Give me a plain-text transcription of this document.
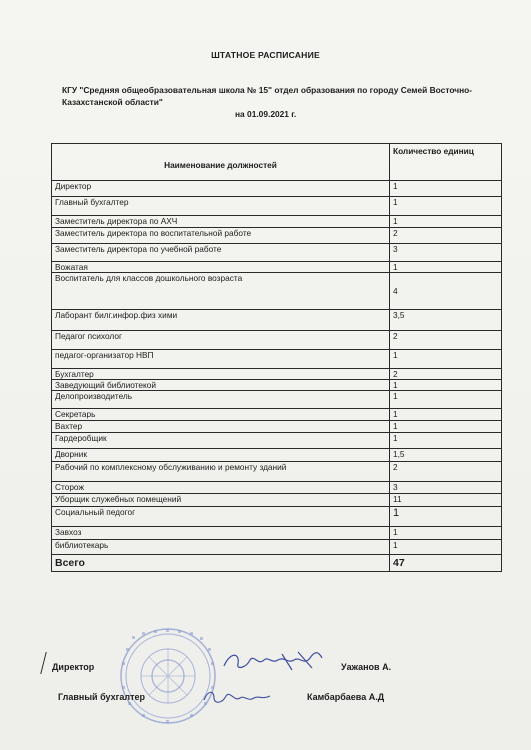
ШТАТНОЕ РАСПИСАНИЕ
КГУ "Средняя общеобразовательная школа № 15" отдел образования по городу Семей Восточно-Казахстанской области"
на 01.09.2021 г.
Наименование должностей	Количество единиц
Директор	1
Главный бухгалтер	1
Заместитель директора по АХЧ	1
Заместитель директора по воспитательной работе	2
Заместитель директора по учебной работе	3
Вожатая	1
Воспитатель для классов дошкольного возраста	4
Лаборант билг.инфор.физ хими	3,5
Педагог психолог	2
педагог-организатор НВП	1
Бухгалтер	2
Заведующий библиотекой	1
Делопроизводитель	1
Секретарь	1
Вахтер	1
Гардеробщик	1
Дворник	1,5
Рабочий по комплексному обслуживанию и ремонту зданий	2
Сторож	3
Уборщик служебных помещений	11
Социальный педогог	1
Завхоз	1
библиотекарь	1
Всего	47
Директор	Уажанов А.
Главный бухгалтер	Камбарбаева А.Д
